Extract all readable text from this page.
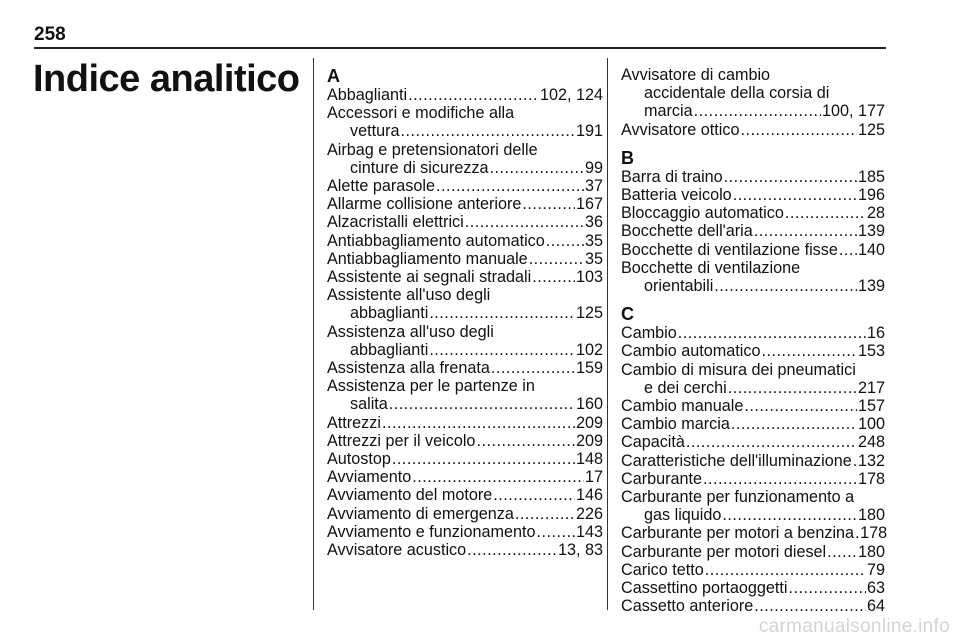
258
Indice analitico A
Abbaglianti .....	102, 124
Accessori e modifiche alla
vettura .....	191
Airbag e pretensionatori delle
cinture di sicurezza .....	99
Alette parasole .....	37
Allarme collisione anteriore .....	167
Alzacristalli elettrici .....	36
Antiabbagliamento automatico ..... 35
Antiabbagliamento manuale .....	35
Assistente ai segnali stradali .....	103
Assistente all'uso degli
abbaglianti .....	125
Assistenza all'uso degli
abbaglianti .....	102
Assistenza alla frenata .....	159
Assistenza per le partenze in
salita .....	160
Attrezzi .....	209
Attrezzi per il veicolo .....	209
Autostop .....	148
Avviamento .....	17
Avviamento del motore .....	146
Avviamento di emergenza .....	226
Avviamento e funzionamento .....	143
Avvisatore acustico .....	13, 83
Avvisatore di cambio
accidentale della corsia di
marcia .....	100, 177
Avvisatore ottico .....	125
B
Barra di traino .....	185
Batteria veicolo .....	196
Bloccaggio automatico .....	28
Bocchette dell'aria .....	139
Bocchette di ventilazione fisse ..... 140
Bocchette di ventilazione
orientabili .....	139
C
Cambio .....	16
Cambio automatico .....	153
Cambio di misura dei pneumatici
e dei cerchi .....	217
Cambio manuale .....	157
Cambio marcia .....	100
Capacità .....	248
Caratteristiche dell'illuminazione ..... 132
Carburante .....	178
Carburante per funzionamento a
gas liquido .....	180
Carburante per motori a benzina ..... 178
Carburante per motori diesel ..... 180
Carico tetto .....	79
Cassettino portaoggetti .....	63
Cassetto anteriore .....	64
carmanualsonline.info
